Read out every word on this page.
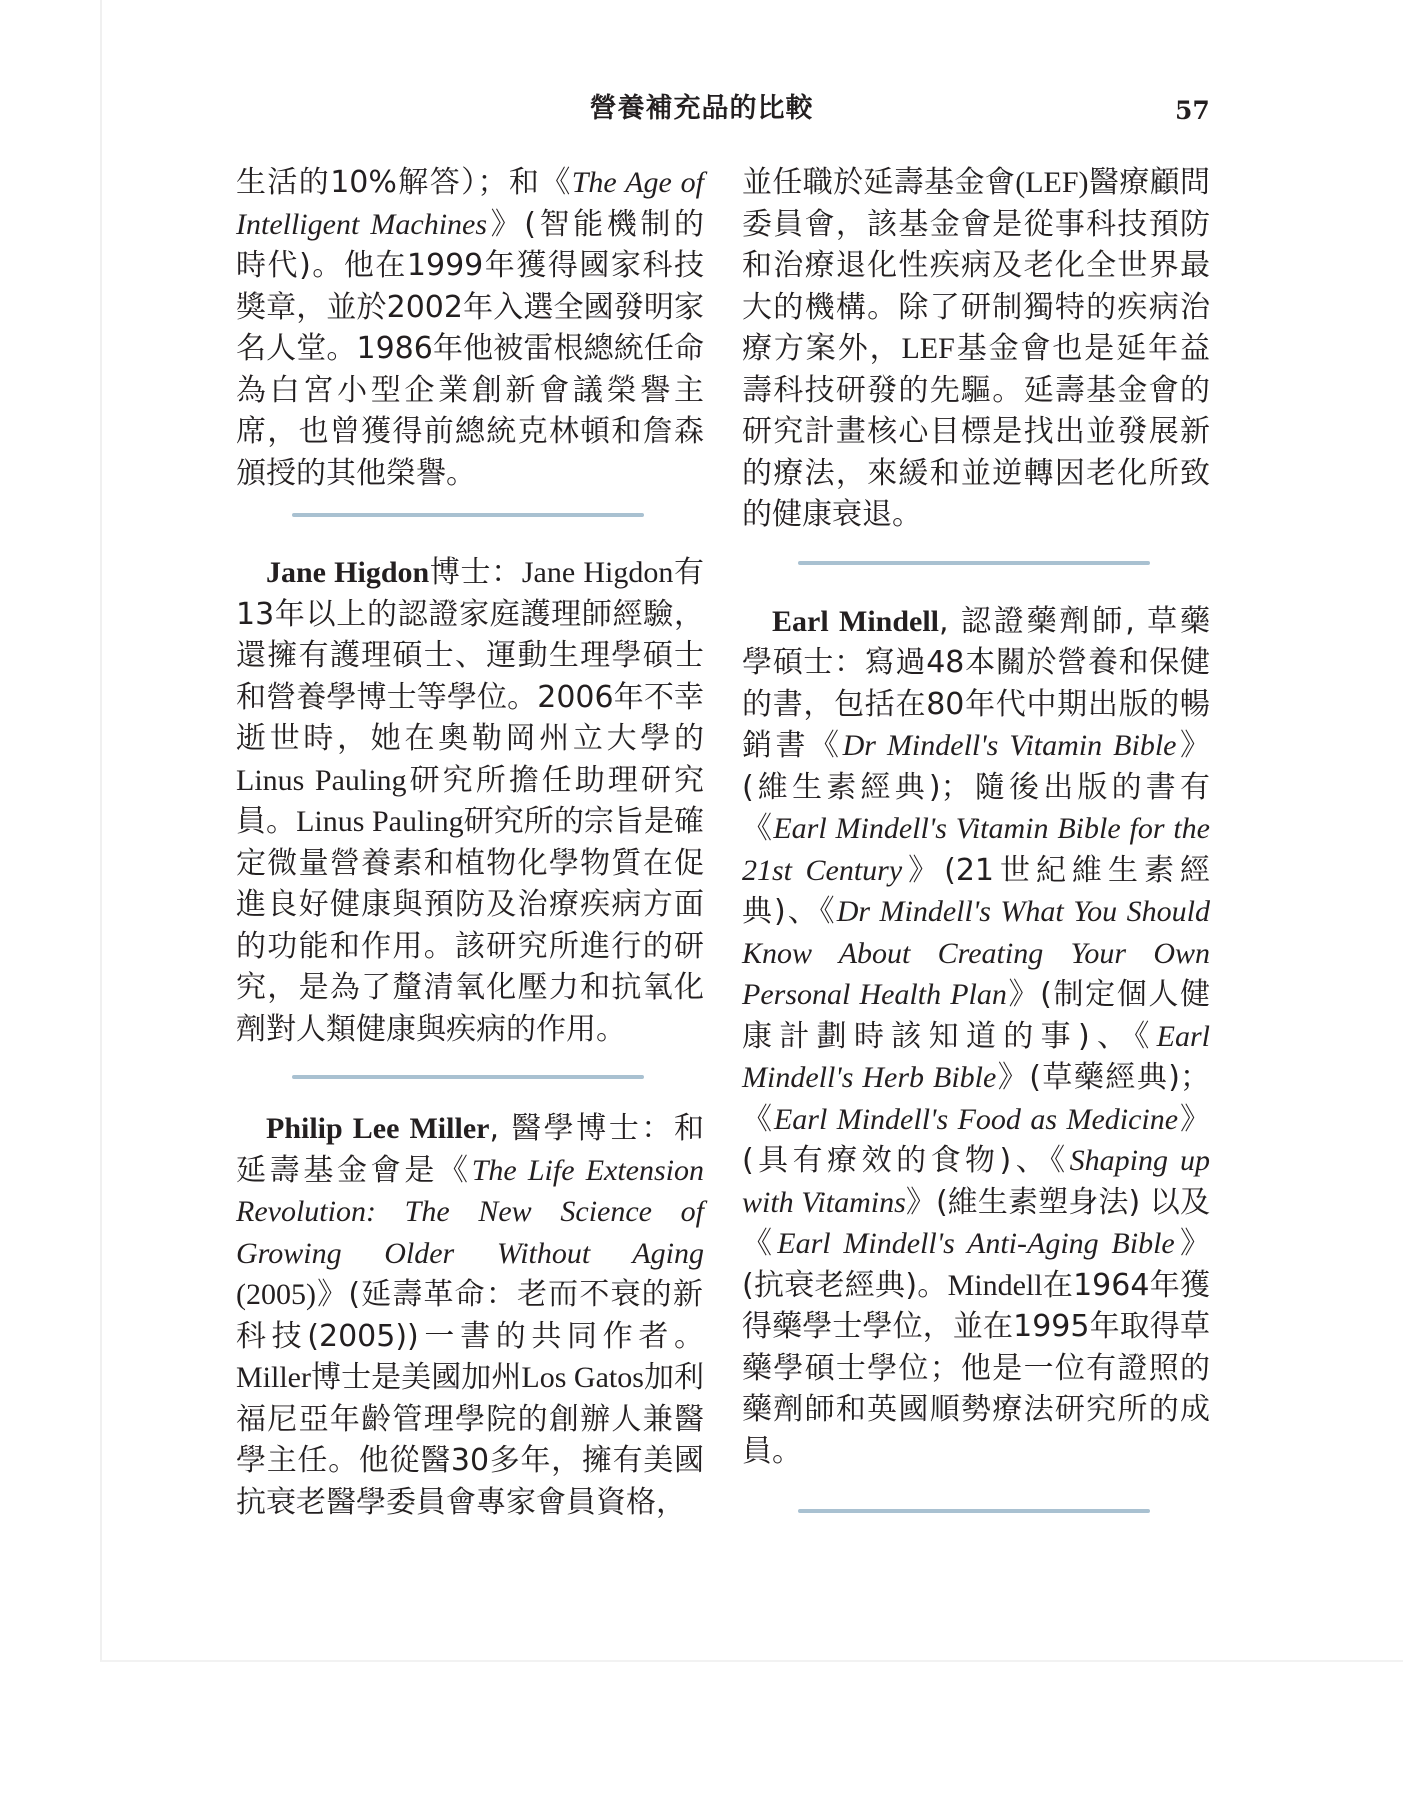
營養補充品的比較	57

生活的10%解答）；和《The Age of Intelligent Machines》(智能機制的時代)。他在1999年獲得國家科技獎章，並於2002年入選全國發明家名人堂。1986年他被雷根總統任命為白宮小型企業創新會議榮譽主席，也曾獲得前總統克林頓和詹森頒授的其他榮譽。

Jane Higdon博士：Jane Higdon有13年以上的認證家庭護理師經驗，還擁有護理碩士、運動生理學碩士和營養學博士等學位。2006年不幸逝世時，她在奧勒岡州立大學的Linus Pauling研究所擔任助理研究員。Linus Pauling研究所的宗旨是確定微量營養素和植物化學物質在促進良好健康與預防及治療疾病方面的功能和作用。該研究所進行的研究，是為了釐清氧化壓力和抗氧化劑對人類健康與疾病的作用。

Philip Lee Miller, 醫學博士：和延壽基金會是《The Life Extension Revolution: The New Science of Growing Older Without Aging (2005)》(延壽革命：老而不衰的新科技(2005))一書的共同作者。Miller博士是美國加州Los Gatos加利福尼亞年齡管理學院的創辦人兼醫學主任。他從醫30多年，擁有美國抗衰老醫學委員會專家會員資格，

並任職於延壽基金會(LEF)醫療顧問委員會，該基金會是從事科技預防和治療退化性疾病及老化全世界最大的機構。除了研制獨特的疾病治療方案外，LEF基金會也是延年益壽科技研發的先驅。延壽基金會的研究計畫核心目標是找出並發展新的療法，來緩和並逆轉因老化所致的健康衰退。

Earl Mindell, 認證藥劑師, 草藥學碩士：寫過48本關於營養和保健的書，包括在80年代中期出版的暢銷書《Dr Mindell's Vitamin Bible》(維生素經典)；隨後出版的書有《Earl Mindell's Vitamin Bible for the 21st Century》(21世紀維生素經典)、《Dr Mindell's What You Should Know About Creating Your Own Personal Health Plan》(制定個人健康計劃時該知道的事)、《Earl Mindell's Herb Bible》(草藥經典)；《Earl Mindell's Food as Medicine》(具有療效的食物)、《Shaping up with Vitamins》(維生素塑身法) 以及《Earl Mindell's Anti-Aging Bible》(抗衰老經典)。Mindell在1964年獲得藥學士學位，並在1995年取得草藥學碩士學位；他是一位有證照的藥劑師和英國順勢療法研究所的成員。
